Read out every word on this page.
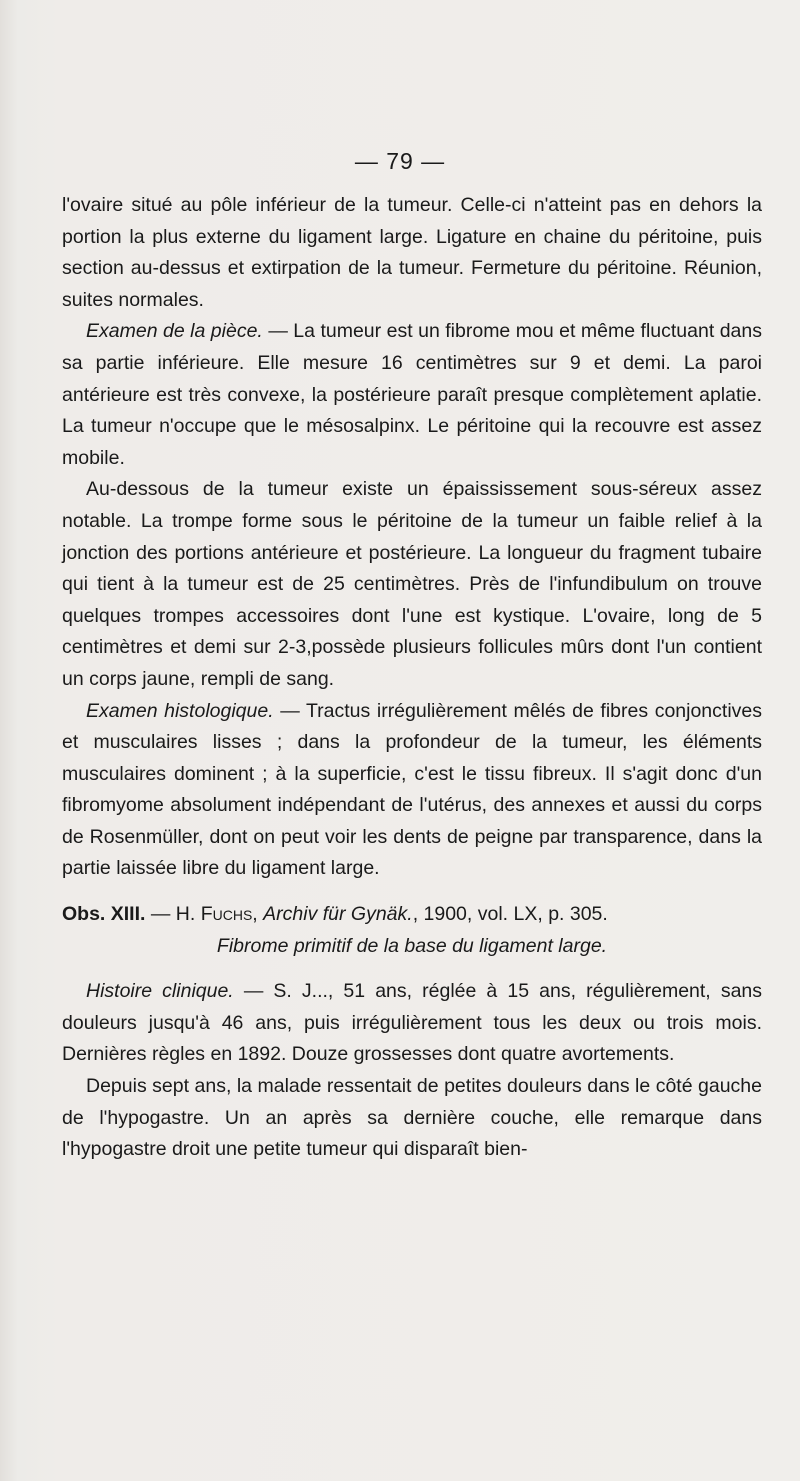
— 79 —

l'ovaire situé au pôle inférieur de la tumeur. Celle-ci n'atteint pas en dehors la portion la plus externe du ligament large. Ligature en chaine du péritoine, puis section au-dessus et extirpation de la tumeur. Fermeture du péritoine. Réunion, suites normales.

Examen de la pièce. — La tumeur est un fibrome mou et même fluctuant dans sa partie inférieure. Elle mesure 16 centimètres sur 9 et demi. La paroi antérieure est très convexe, la postérieure paraît presque complètement aplatie. La tumeur n'occupe que le mésosalpinx. Le péritoine qui la recouvre est assez mobile.

Au-dessous de la tumeur existe un épaississement sous-séreux assez notable. La trompe forme sous le péritoine de la tumeur un faible relief à la jonction des portions antérieure et postérieure. La longueur du fragment tubaire qui tient à la tumeur est de 25 centimètres. Près de l'infundibulum on trouve quelques trompes accessoires dont l'une est kystique. L'ovaire, long de 5 centimètres et demi sur 2-3,possède plusieurs follicules mûrs dont l'un contient un corps jaune, rempli de sang.

Examen histologique. — Tractus irrégulièrement mêlés de fibres conjonctives et musculaires lisses ; dans la profondeur de la tumeur, les éléments musculaires dominent ; à la superficie, c'est le tissu fibreux. Il s'agit donc d'un fibromyome absolument indépendant de l'utérus, des annexes et aussi du corps de Rosenmüller, dont on peut voir les dents de peigne par transparence, dans la partie laissée libre du ligament large.

Obs. XIII. — H. Fuchs, Archiv für Gynäk., 1900, vol. LX, p. 305.

Fibrome primitif de la base du ligament large.

Histoire clinique. — S. J..., 51 ans, réglée à 15 ans, régulièrement, sans douleurs jusqu'à 46 ans, puis irrégulièrement tous les deux ou trois mois. Dernières règles en 1892. Douze grossesses dont quatre avortements.

Depuis sept ans, la malade ressentait de petites douleurs dans le côté gauche de l'hypogastre. Un an après sa dernière couche, elle remarque dans l'hypogastre droit une petite tumeur qui disparaît bien-
